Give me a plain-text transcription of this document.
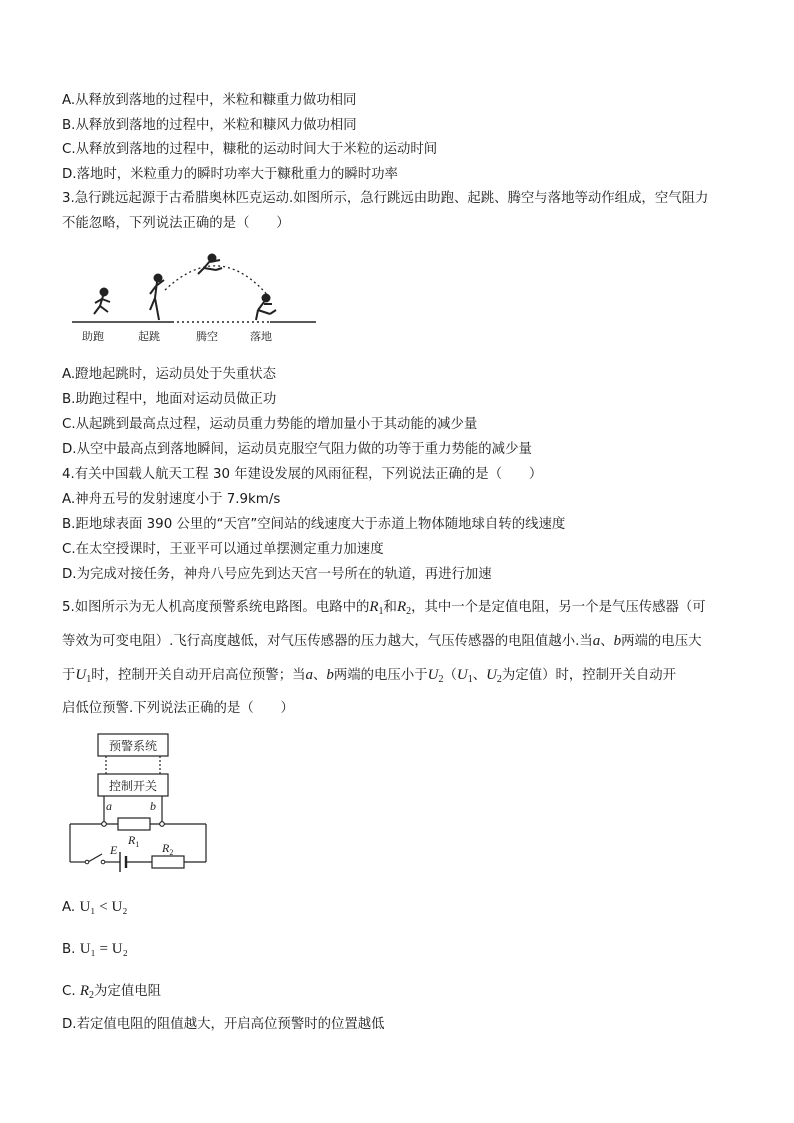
A.从释放到落地的过程中，米粒和糠重力做功相同
B.从释放到落地的过程中，米粒和糠风力做功相同
C.从释放到落地的过程中，糠秕的运动时间大于米粒的运动时间
D.落地时，米粒重力的瞬时功率大于糠秕重力的瞬时功率
3.急行跳远起源于古希腊奥林匹克运动.如图所示，急行跳远由助跑、起跳、腾空与落地等动作组成，空气阻力
不能忽略，下列说法正确的是（　　）
助跑	起跳	腾空	落地
A.蹬地起跳时，运动员处于失重状态
B.助跑过程中，地面对运动员做正功
C.从起跳到最高点过程，运动员重力势能的增加量小于其动能的减少量
D.从空中最高点到落地瞬间，运动员克服空气阻力做的功等于重力势能的减少量
4.有关中国载人航天工程 30 年建设发展的风雨征程，下列说法正确的是（　　）
A.神舟五号的发射速度小于 7.9km/s
B.距地球表面 390 公里的“天宫”空间站的线速度大于赤道上物体随地球自转的线速度
C.在太空授课时，王亚平可以通过单摆测定重力加速度
D.为完成对接任务，神舟八号应先到达天宫一号所在的轨道，再进行加速
5.如图所示为无人机高度预警系统电路图。电路中的$R_1$和$R_2$，其中一个是定值电阻，另一个是气压传感器（可
等效为可变电阻）.飞行高度越低，对气压传感器的压力越大，气压传感器的电阻值越小.当a、b两端的电压大
于$U_1$时，控制开关自动开启高位预警；当a、b两端的电压小于$U_2(U_1$、$U_2$为定值）时，控制开关自动开
启低位预警.下列说法正确的是（　　）
预警系统
控制开关
a	b
$R_1$
E	$R_2$
A. U₁ < U₂
B. U₁ = U₂
C. $R_2$为定值电阻
D.若定值电阻的阻值越大，开启高位预警时的位置越低
